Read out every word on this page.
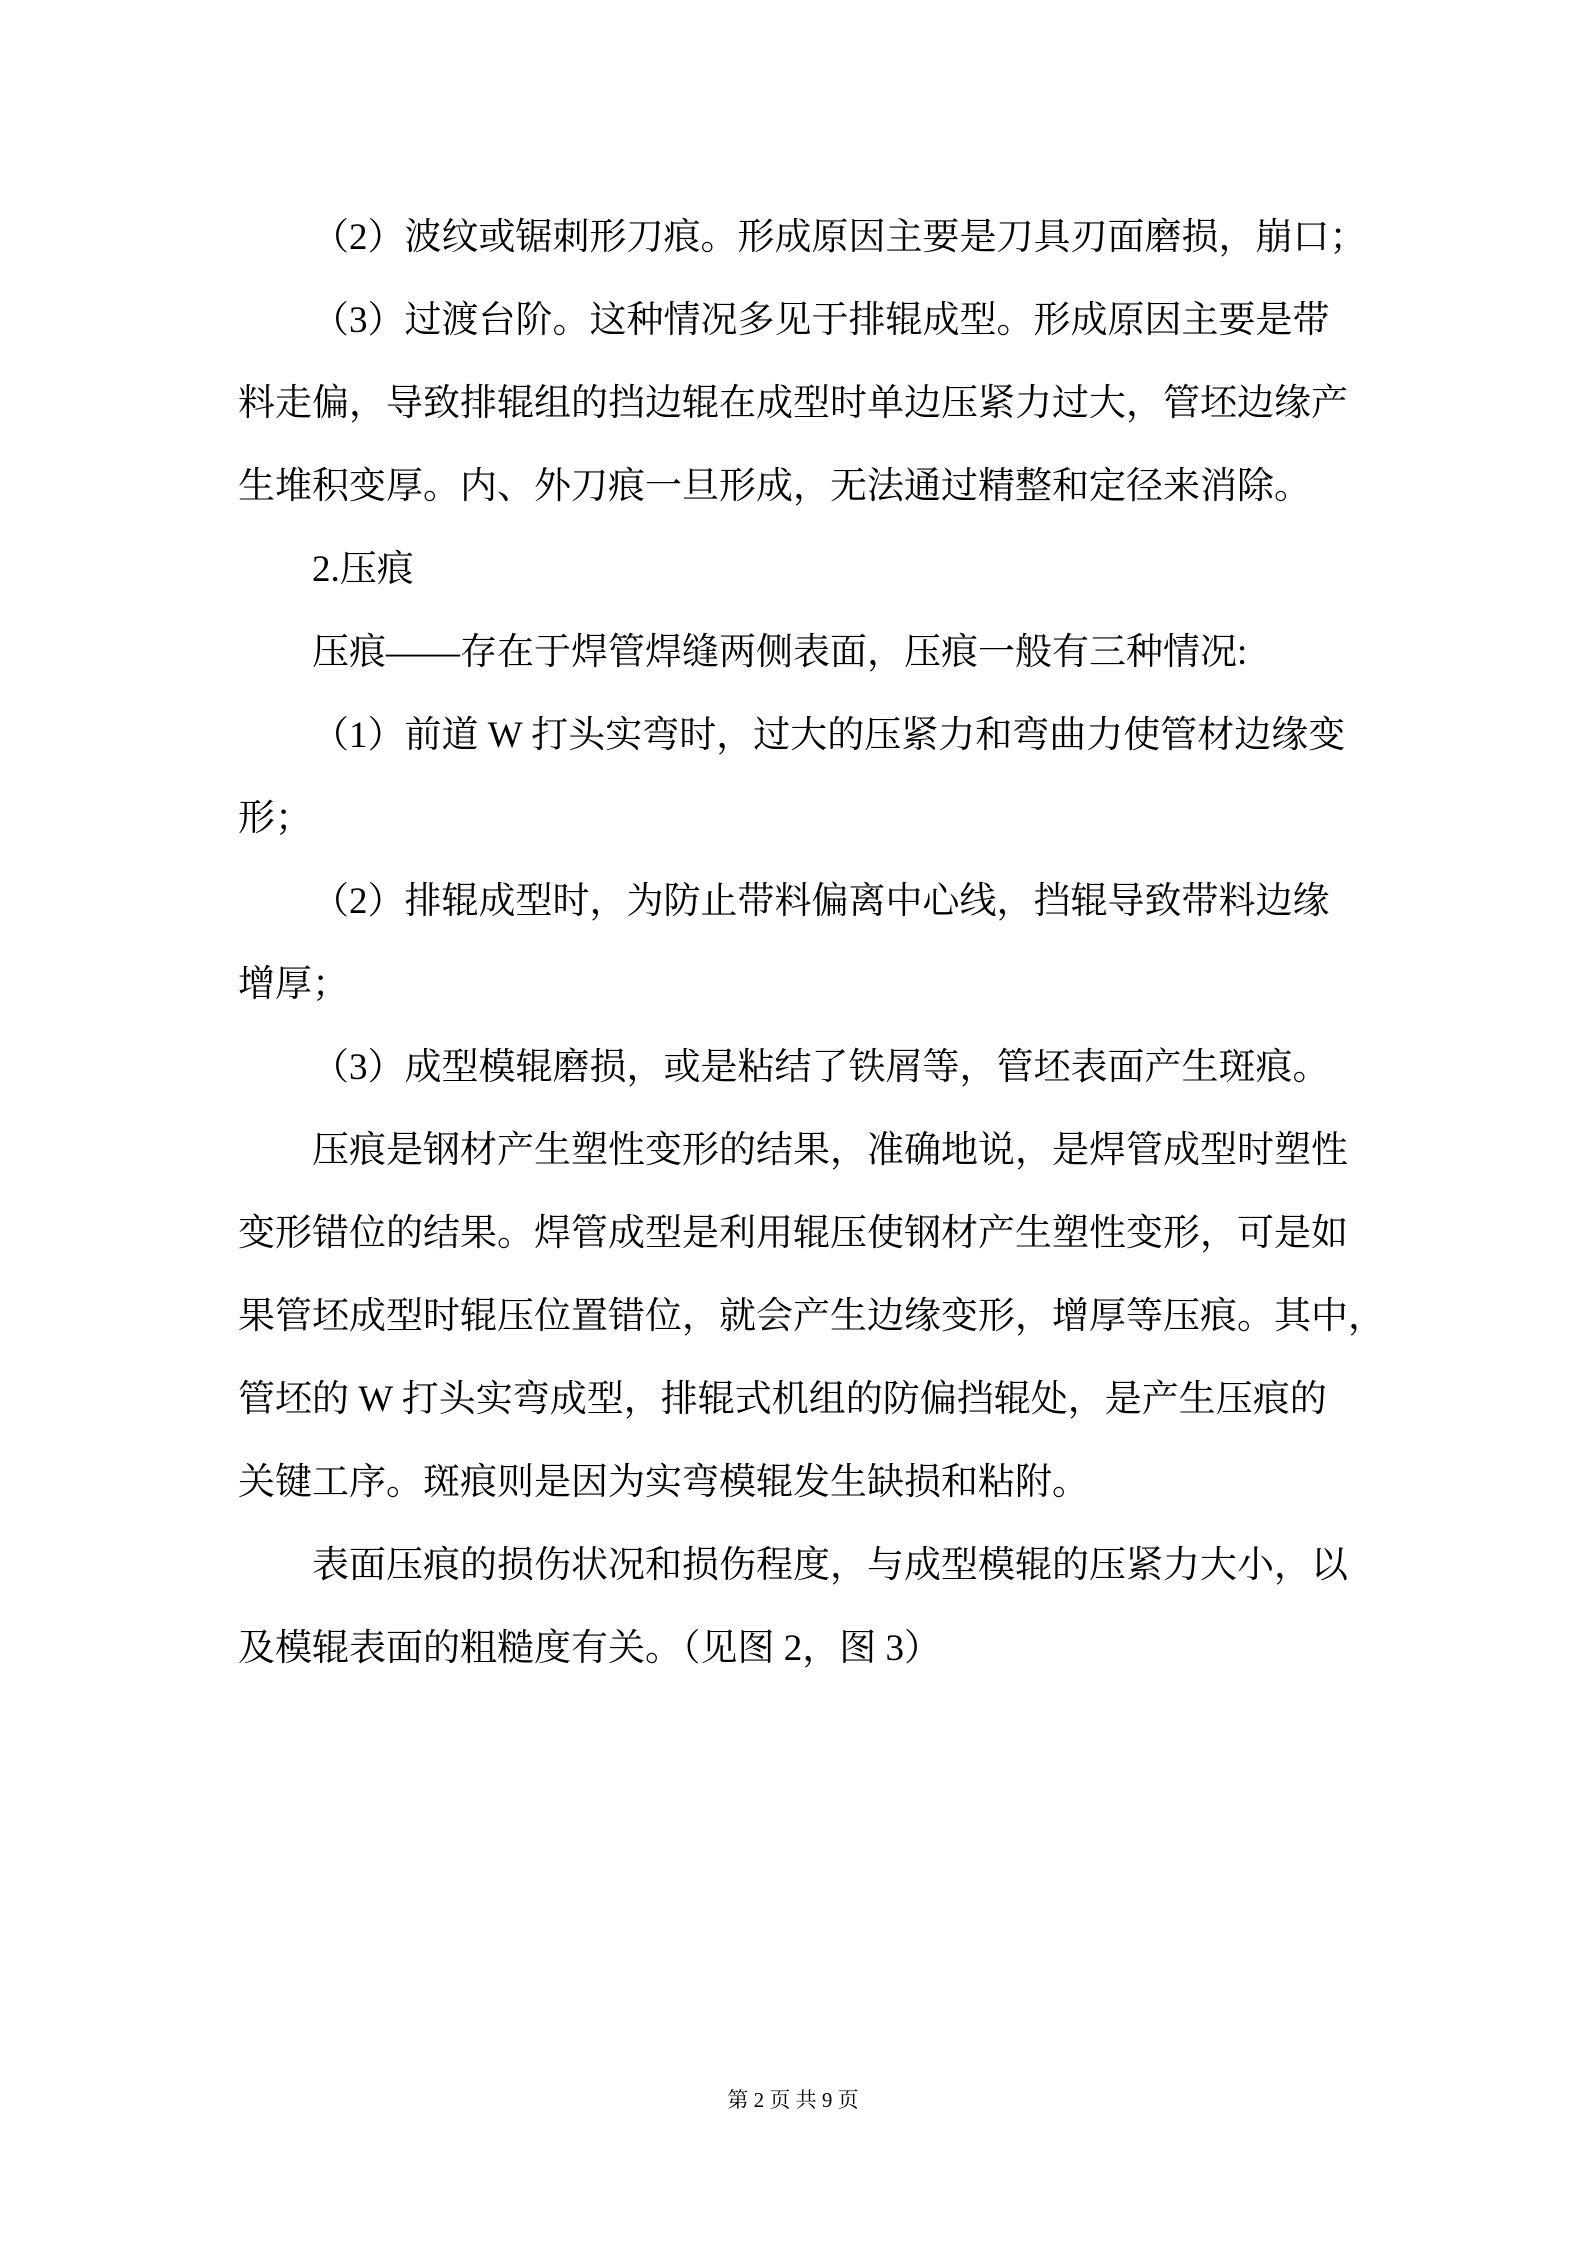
（2）波纹或锯刺形刀痕。形成原因主要是刀具刃面磨损，崩口；
（3）过渡台阶。这种情况多见于排辊成型。形成原因主要是带
料走偏，导致排辊组的挡边辊在成型时单边压紧力过大，管坯边缘产
生堆积变厚。内、外刀痕一旦形成，无法通过精整和定径来消除。
2.压痕
压痕——存在于焊管焊缝两侧表面，压痕一般有三种情况:
（1）前道 W 打头实弯时，过大的压紧力和弯曲力使管材边缘变
形；
（2）排辊成型时，为防止带料偏离中心线，挡辊导致带料边缘
增厚；
（3）成型模辊磨损，或是粘结了铁屑等，管坯表面产生斑痕。
压痕是钢材产生塑性变形的结果，准确地说，是焊管成型时塑性
变形错位的结果。焊管成型是利用辊压使钢材产生塑性变形，可是如
果管坯成型时辊压位置错位，就会产生边缘变形，增厚等压痕。其中，
管坯的 W 打头实弯成型，排辊式机组的防偏挡辊处，是产生压痕的
关键工序。斑痕则是因为实弯模辊发生缺损和粘附。
表面压痕的损伤状况和损伤程度，与成型模辊的压紧力大小，以
及模辊表面的粗糙度有关。（见图 2，图 3）
第 2 页 共 9 页
